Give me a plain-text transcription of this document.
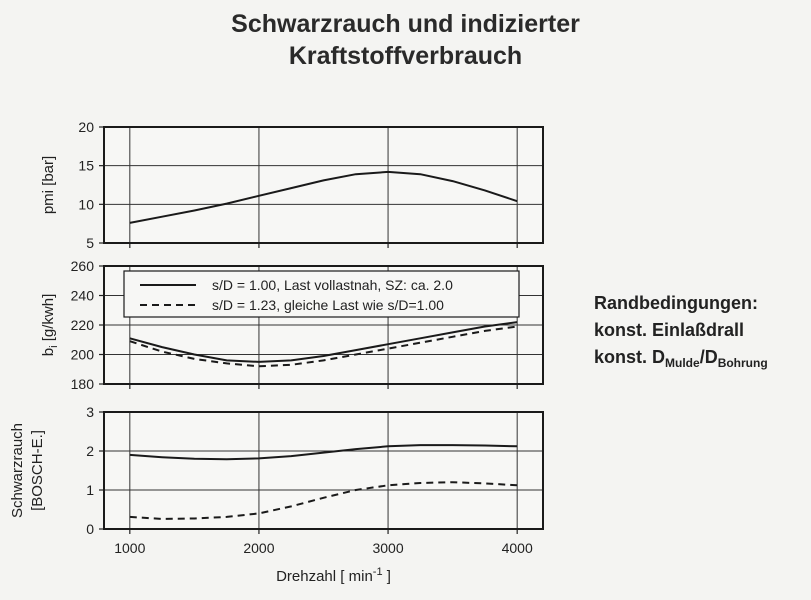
Schwarzrauch und indizierter
Kraftstoffverbrauch
5
10
15
20
pmi [bar]
180
200
220
240
260
$b_i$ [g/kwh]
s/D = 1.00, Last vollastnah, SZ: ca. 2.0
s/D = 1.23, gleiche Last wie s/D=1.00
0
1
2
3
1000	2000	3000	4000
Schwarzrauch [BOSCH-E.]
Drehzahl [ $\min^{-1}$ ]
Randbedingungen:
konst. Einlaßdrall
konst. $D_{Mulde}/D_{Bohrung}$
